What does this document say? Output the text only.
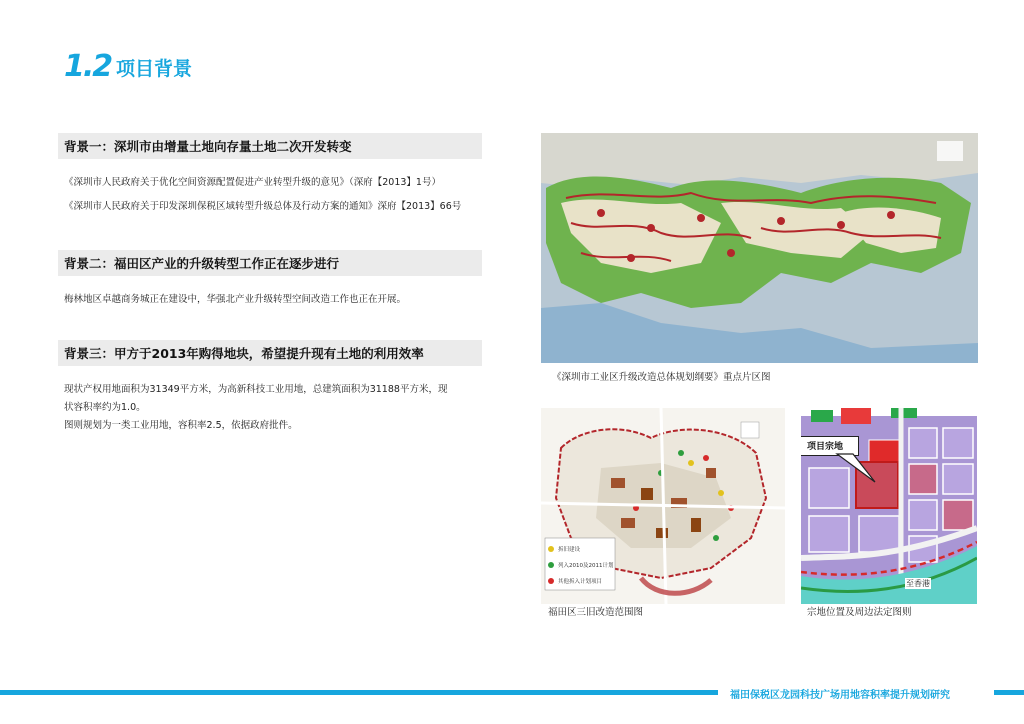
1.2 项目背景
背景一：深圳市由增量土地向存量土地二次开发转变
《深圳市人民政府关于优化空间资源配置促进产业转型升级的意见》（深府【2013】1号）
《深圳市人民政府关于印发深圳保税区域转型升级总体及行动方案的通知》深府【2013】66号
背景二：福田区产业的升级转型工作正在逐步进行
梅林地区卓越商务城正在建设中，华强北产业升级转型空间改造工作也正在开展。
背景三：甲方于2013年购得地块，希望提升现有土地的利用效率
现状产权用地面积为31349平方米，为高新科技工业用地，总建筑面积为31188平方米，现
状容积率约为1.0。
图则规划为一类工业用地，容积率2.5，依据政府批件。
《深圳市工业区升级改造总体规划纲要》重点片区图
拆旧建设
列入2010及2011计划
其他拆入计划项目
福田区三旧改造范围图
项目宗地
至香港
宗地位置及周边法定图则
福田保税区龙园科技广场用地容积率提升规划研究
